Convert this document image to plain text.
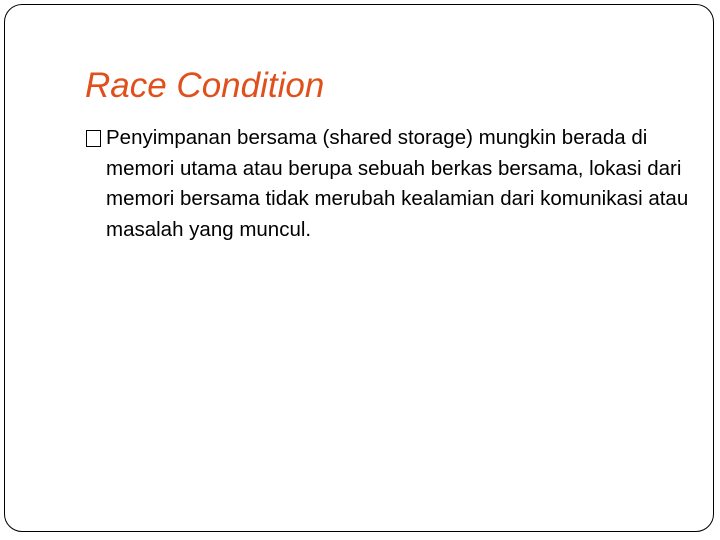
Race Condition
Penyimpanan bersama (shared storage) mungkin berada di memori utama atau berupa sebuah berkas bersama, lokasi dari memori bersama tidak merubah kealamian dari komunikasi atau masalah yang muncul.
